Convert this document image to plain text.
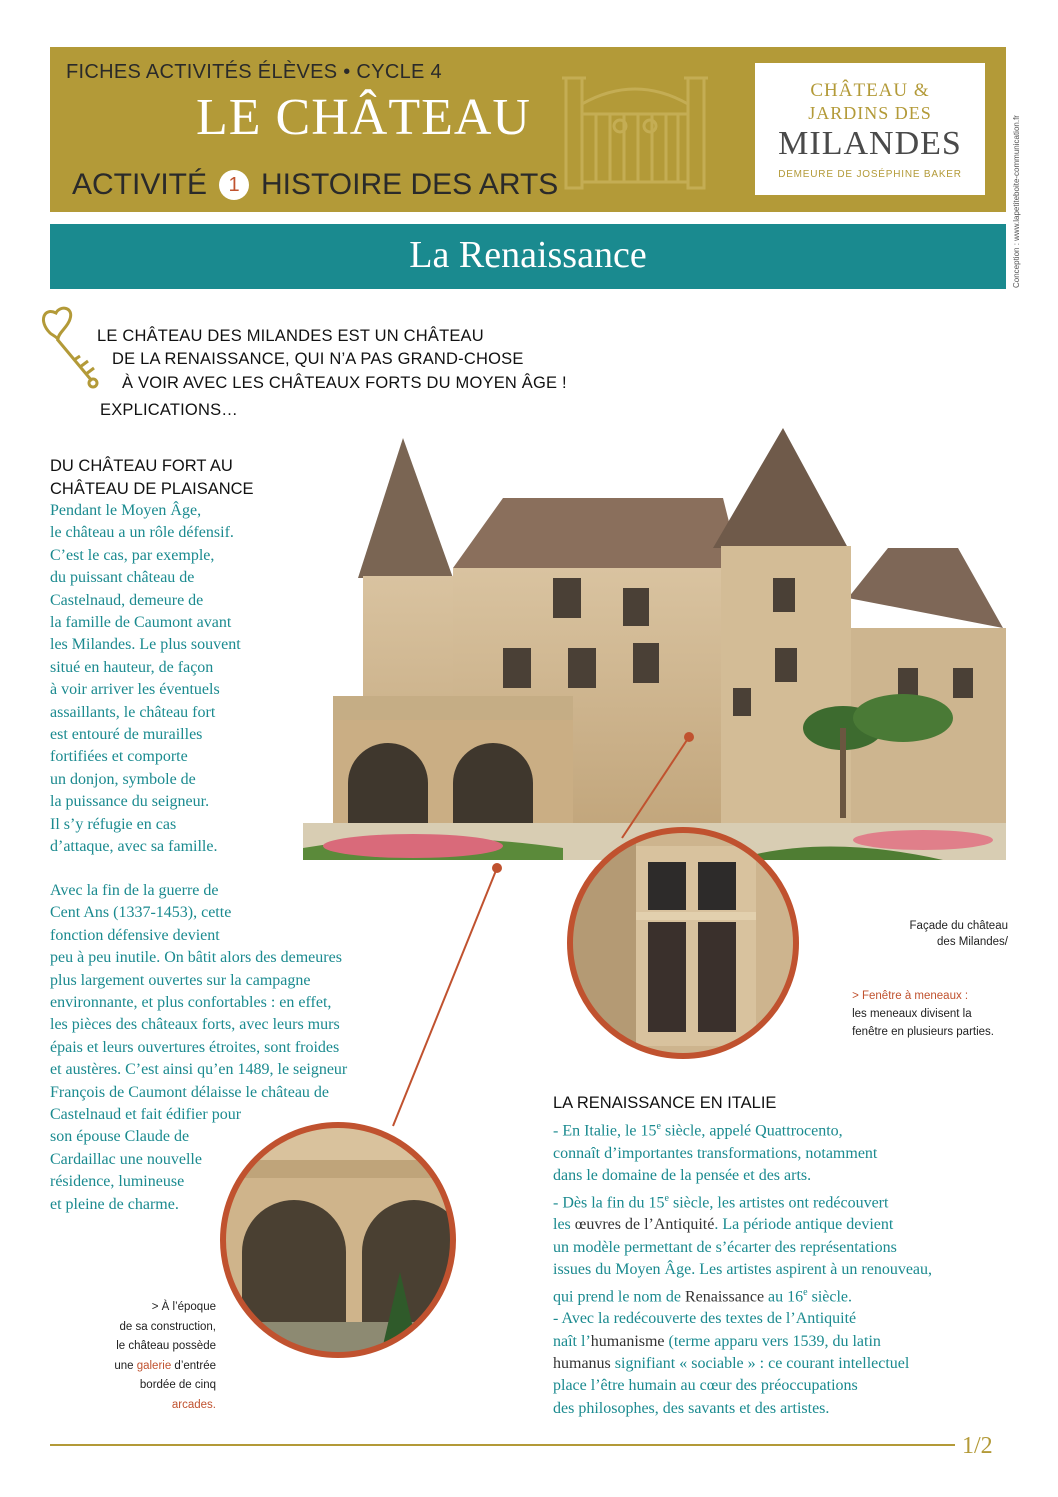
FICHES ACTIVITÉS ÉLÈVES • CYCLE 4
LE CHÂTEAU
ACTIVITÉ	1 HISTOIRE DES ARTS
CHÂTEAU &
JARDINS DES
MILANDES
DEMEURE DE JOSÉPHINE BAKER	Conception : www.lapetiteboite-communication.fr
La Renaissance
LE CHÂTEAU DES MILANDES EST UN CHÂTEAU
DE LA RENAISSANCE, QUI N’A PAS GRAND-CHOSE
À VOIR AVEC LES CHÂTEAUX FORTS DU MOYEN ÂGE !
EXPLICATIONS…
DU CHÂTEAU FORT AU
CHÂTEAU DE PLAISANCE
Pendant le Moyen Âge,
le château a un rôle défensif.
C’est le cas, par exemple,
du puissant château de
Castelnaud, demeure de
la famille de Caumont avant
les Milandes. Le plus souvent
situé en hauteur, de façon
à voir arriver les éventuels
assaillants, le château fort
est entouré de murailles
fortifiées et comporte
un donjon, symbole de
la puissance du seigneur.
Il s’y réfugie en cas
d’attaque, avec sa famille.
Avec la fin de la guerre de
Cent Ans (1337-1453), cette
fonction défensive devient
peu à peu inutile. On bâtit alors des demeures
plus largement ouvertes sur la campagne
environnante, et plus confortables : en effet,
les pièces des châteaux forts, avec leurs murs
épais et leurs ouvertures étroites, sont froides
et austères. C’est ainsi qu’en 1489, le seigneur
François de Caumont délaisse le château de
Castelnaud et fait édifier pour
son épouse Claude de
Cardaillac une nouvelle
résidence, lumineuse
et pleine de charme.
Façade du château
des Milandes/
> Fenêtre à meneaux :
les meneaux divisent la
fenêtre en plusieurs parties.
> À l’époque
de sa construction,
le château possède
une galerie d’entrée
bordée de cinq
arcades.
LA RENAISSANCE EN ITALIE
- En Italie, le 15e siècle, appelé Quattrocento,
connaît d’importantes transformations, notamment
dans le domaine de la pensée et des arts.
- Dès la fin du 15e siècle, les artistes ont redécouvert
les œuvres de l’Antiquité. La période antique devient
un modèle permettant de s’écarter des représentations
issues du Moyen Âge. Les artistes aspirent à un renouveau,
qui prend le nom de Renaissance au 16e siècle.
- Avec la redécouverte des textes de l’Antiquité
naît l’humanisme (terme apparu vers 1539, du latin
humanus signifiant « sociable » : ce courant intellectuel
place l’être humain au cœur des préoccupations
des philosophes, des savants et des artistes.
1/2
